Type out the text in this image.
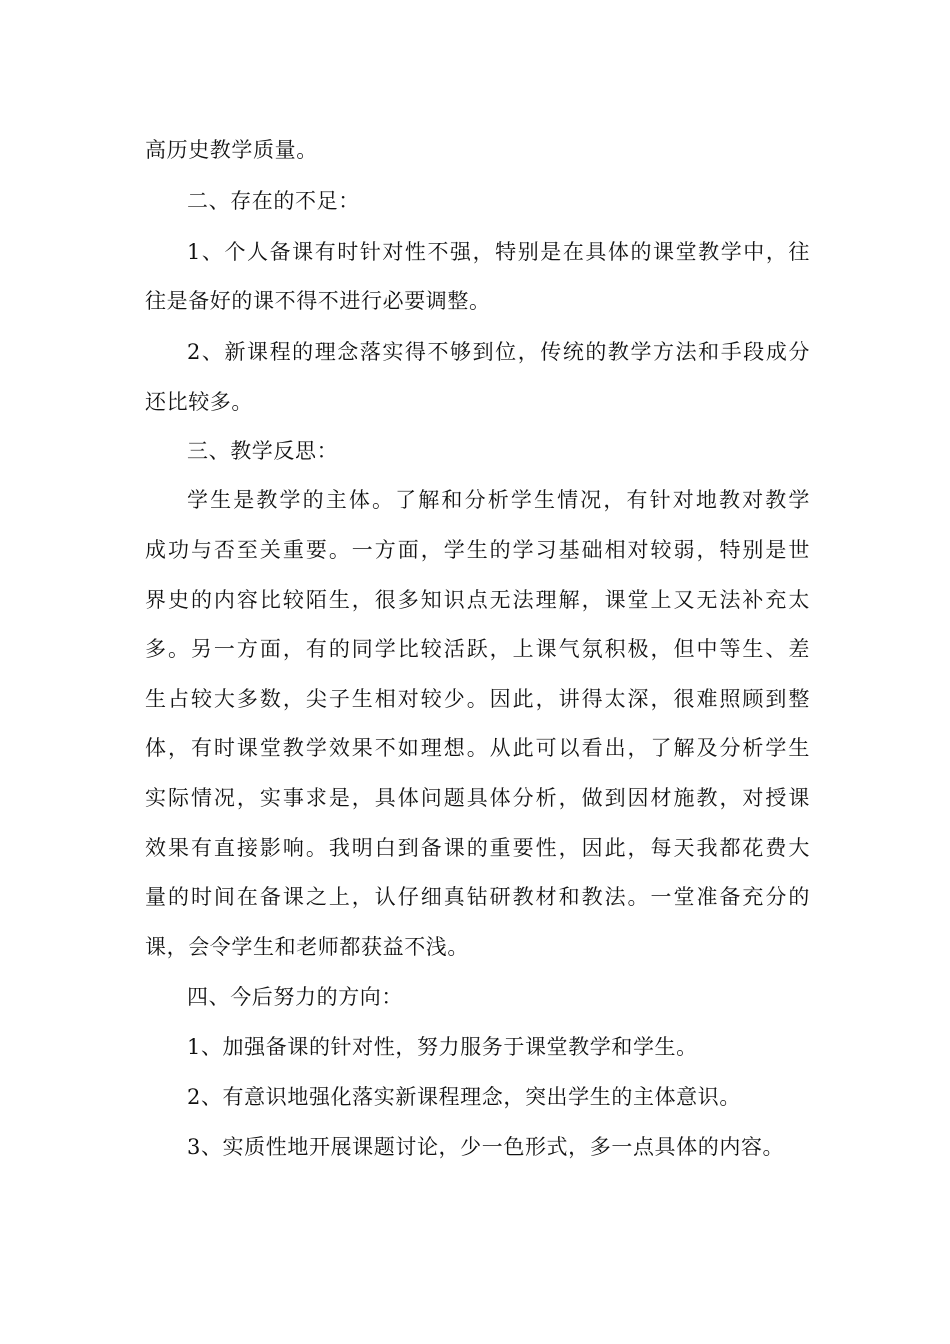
高历史教学质量。
二、存在的不足：
1、个人备课有时针对性不强，特别是在具体的课堂教学中，往
往是备好的课不得不进行必要调整。
2、新课程的理念落实得不够到位，传统的教学方法和手段成分
还比较多。
三、教学反思：
学生是教学的主体。了解和分析学生情况，有针对地教对教学
成功与否至关重要。一方面，学生的学习基础相对较弱，特别是世
界史的内容比较陌生，很多知识点无法理解，课堂上又无法补充太
多。另一方面，有的同学比较活跃，上课气氛积极，但中等生、差
生占较大多数，尖子生相对较少。因此，讲得太深，很难照顾到整
体，有时课堂教学效果不如理想。从此可以看出，了解及分析学生
实际情况，实事求是，具体问题具体分析，做到因材施教，对授课
效果有直接影响。我明白到备课的重要性，因此，每天我都花费大
量的时间在备课之上，认仔细真钻研教材和教法。一堂准备充分的
课，会令学生和老师都获益不浅。
四、今后努力的方向：
1、加强备课的针对性，努力服务于课堂教学和学生。
2、有意识地强化落实新课程理念，突出学生的主体意识。
3、实质性地开展课题讨论，少一色形式，多一点具体的内容。
